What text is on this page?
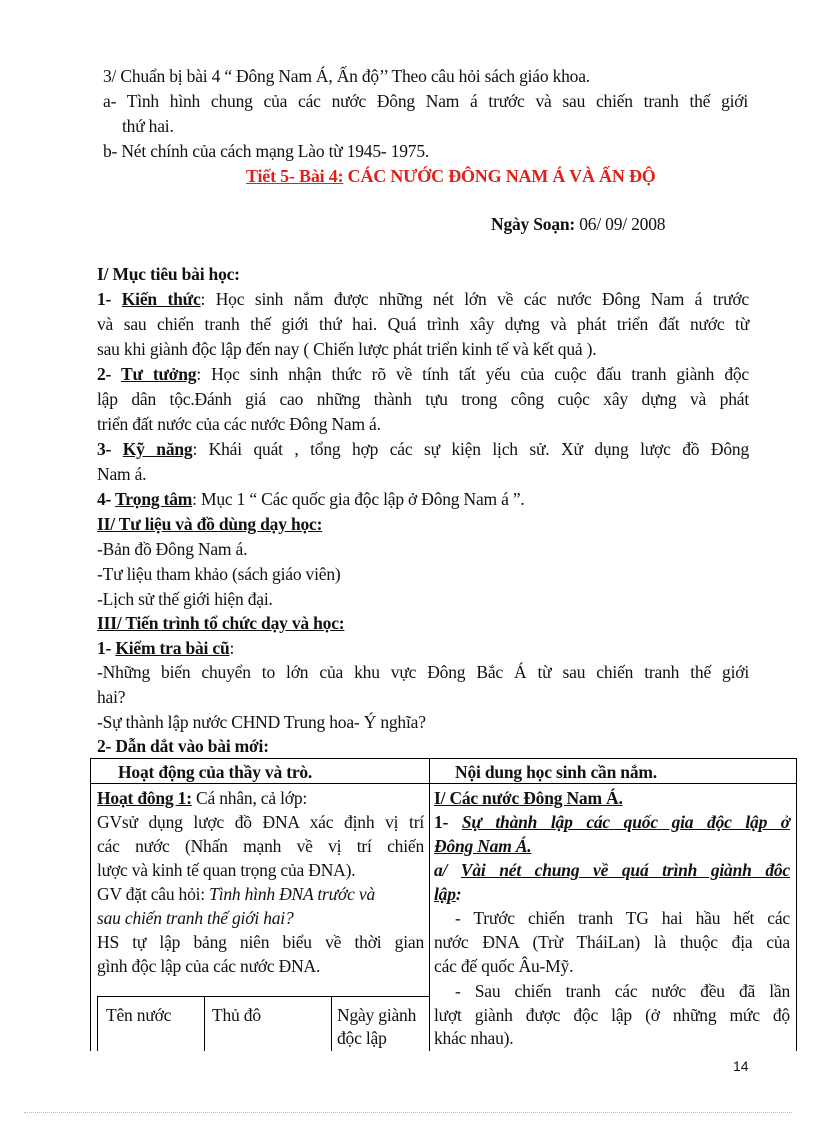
3/ Chuẩn bị bài 4 “ Đông Nam Á, Ấn độ’’ Theo câu hỏi sách giáo khoa.
a- Tình hình chung của các nước Đông Nam á trước và sau chiến tranh thế giới
thứ hai.
b- Nét chính của cách mạng Lào từ 1945- 1975.
Tiết 5- Bài 4: CÁC NƯỚC ĐÔNG NAM Á VÀ ẤN ĐỘ
Ngày Soạn: 06/ 09/ 2008
I/ Mục tiêu bài học:
1- Kiến thức: Học sinh nắm được những nét lớn về các nước Đông Nam á trước
và sau chiến tranh thế giới thứ hai. Quá trình xây dựng và phát triển đất nước từ
sau khi giành độc lập đến nay ( Chiến lược phát triển kinh tế và kết quả ).
2- Tư tưởng: Học sinh nhận thức rõ về tính tất yếu của cuộc đấu tranh giành độc
lập dân tộc.Đánh giá cao những thành tựu trong công cuộc xây dựng và phát
triển đất nước của các nước Đông Nam á.
3- Kỹ năng: Khái quát , tổng hợp các sự kiện lịch sử. Xử dụng lược đồ Đông
Nam á.
4- Trọng tâm: Mục 1 “ Các quốc gia độc lập ở Đông Nam á ”.
II/ Tư liệu và đồ dùng dạy học:
-Bản đồ Đông Nam á.
-Tư liệu tham khảo (sách giáo viên)
-Lịch sử thế giới hiện đại.
III/ Tiến trình tổ chức dạy và học:
1- Kiểm tra bài cũ:
-Những biến chuyển to lớn của khu vực Đông Bắc Á từ sau chiến tranh thế giới
hai?
-Sự thành lập nước CHND Trung hoa- Ý nghĩa?
2- Dẫn dắt vào bài mới:
Hoạt động của thầy và trò.	Nội dung học sinh cần nắm.
Hoạt đông 1: Cá nhân, cả lớp:
GVsử dụng lược đồ ĐNA xác định vị trí
các nước (Nhấn mạnh về vị trí chiến
lược và kinh tế quan trọng của ĐNA).
GV đặt câu hỏi: Tình hình ĐNA trước và
sau chiến tranh thế giới hai?
HS tự lập bảng niên biểu về thời gian
gình độc lập của các nước ĐNA.
Tên nước Thủ đô	Ngày giành
độc lập
I/ Các nước Đông Nam Á.
1- Sự thành lập các quốc gia độc lập ở
Đông Nam Á.
a/ Vài nét chung về quá trình giành đôc
lập:
- Trước chiến tranh TG hai hầu hết các
nước ĐNA (Trừ TháiLan) là thuộc địa của
các đế quốc Âu-Mỹ.
- Sau chiến tranh các nước đều đã lần
lượt giành được độc lập (ở những mức độ
khác nhau).
14
